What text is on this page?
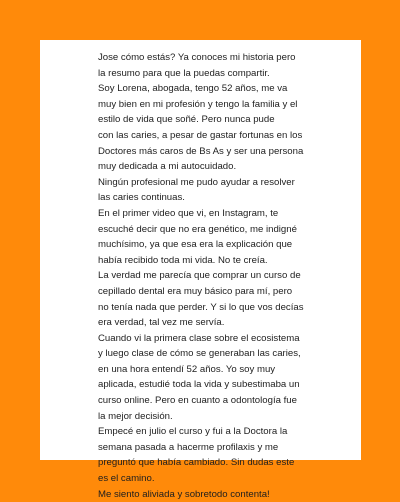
Jose cómo estás? Ya conoces mi historia pero
la resumo para que la puedas compartir.
Soy Lorena, abogada, tengo 52 años, me va
muy bien en mi profesión y tengo la familia y el
estilo de vida que soñé. Pero nunca pude
con las caries, a pesar de gastar fortunas en los
Doctores más caros de Bs As y ser una persona
muy dedicada a mi autocuidado.
Ningún profesional me pudo ayudar a resolver
las caries continuas.
En el primer video que vi, en Instagram, te
escuché decir que no era genético, me indigné
muchísimo, ya que esa era la explicación que
había recibido toda mi vida. No te creía.
La verdad me parecía que comprar un curso de
cepillado dental era muy básico para mí, pero
no tenía nada que perder. Y si lo que vos decías
era verdad, tal vez me servía.
Cuando vi la primera clase sobre el ecosistema
y luego clase de cómo se generaban las caries,
en una hora entendí 52 años. Yo soy muy
aplicada, estudié toda la vida y subestimaba un
curso online. Pero en cuanto a odontología fue
la mejor decisión.
Empecé en julio el curso y fui a la Doctora la
semana pasada a hacerme profilaxis y me
preguntó que había cambiado. Sin dudas este
es el camino.
Me siento aliviada y sobretodo contenta!
